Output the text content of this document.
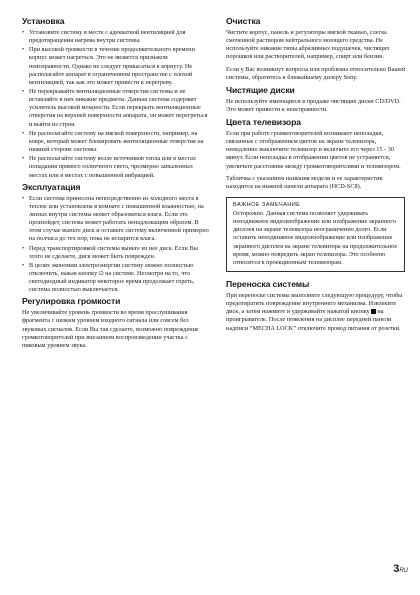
Установка
• Установите систему в месте с адекватной вентиляцией для предотвращения нагрева внутри системы.
• При высокой громкости в течение продолжительного времени корпус может нагреться. Это не является признаком неисправности. Однако не следует прикасаться к корпусу. Не располагайте аппарат в ограниченном пространстве с плохой вентиляцией, так как это может привести к перегреву.
• Не перекрывайте вентиляционные отверстия системы и не вставляйте в них никакие предметы. Данная система содержит усилитель высокой мощности. Если перекрыть вентиляционные отверстия на верхней поверхности аппарата, он может перегреться и выйти из строя.
• Не располагайте систему на мягкой поверхности, например, на ковре, который может блокировать вентиляционные отверстия на нижней стороне системы.
• Не располагайте систему возле источников тепла или в местах попадания прямого солнечного света, чрезмерно запыленных местах или в местах с повышенной вибрацией.
Эксплуатация
• Если система принесена непосредственно из холодного места в теплое или установлена в комнате с повышенной влажностью, на линзах внутри системы может образоваться влага. Если это произойдет, система может работать ненадлежащим образом. В этом случае выньте диск и оставьте систему включенной примерно на полчаса до тех пор, пока не испарится влага.
• Перед транспортировкой системы выньте из нее диск. Если Вы этого не сделаете, диск может быть поврежден.
• В целях экономии электроэнергии систему можно полностью отключить, нажав кнопку ⏻ на системе. Несмотря на то, что светодиодный индикатор некоторое время продолжает гореть, система полностью выключается.
Регулировка громкости

Не увеличивайте уровень громкости во время прослушивания фрагмента с низким уровнем входного сигнала или совсем без звуковых сигналов. Если Вы так сделаете, возможно повреждение громкоговорителей при внезапном воспроизведении участка с пиковым уровнем звука.

Очистка

Чистите корпус, панель и регуляторы мягкой тканью, слегка смоченной раствором нейтрального моющего средства. Не используйте никакие типы абразивных подушечек, чистящих порошков или растворителей, например, спирт или бензин.

Если у Вас возникнут вопросы или проблемы относительно Вашей системы, обратитесь к ближайшему дилеру Sony.

Чистящие диски

Не используйте имеющиеся в продаже чистящие диски CD/DVD. Это может привести к неисправности.

Цвета телевизора

Если при работе громкоговорителей возникают неполадки, связанные с отображением цветов на экране телевизора, немедленно выключите телевизор и включите его через 15 - 30 минут. Если неполадка в отображении цветов не устраняется, увеличьте расстояние между громкоговорителями и телевизором.

Табличка с указанием названия модели и ее характеристик находится на нижней панели аппарата (HCD-SC8).

ВАЖНОЕ ЗАМЕЧАНИЕ
Осторожно. Данная система позволяет удерживать неподвижное видеоизображение или изображение экранного дисплея на экране телевизора неограниченно долго. Если оставить неподвижное видеоизображение или изображение экранного дисплея на экране телевизора на продолжительное время, можно повредить экран телевизора. Это особенно относится к проекционным телевизорам.
Переноска системы

При переноске системы выполните следующую процедуру, чтобы предотвратить повреждение внутреннего механизма. Извлеките диск, а затем нажмите и удерживайте нажатой кнопку  на проигрывателе. После появления на дисплее передней панели надписи “MECHA LOCK” отключите провод питания от розетки.

3RU
